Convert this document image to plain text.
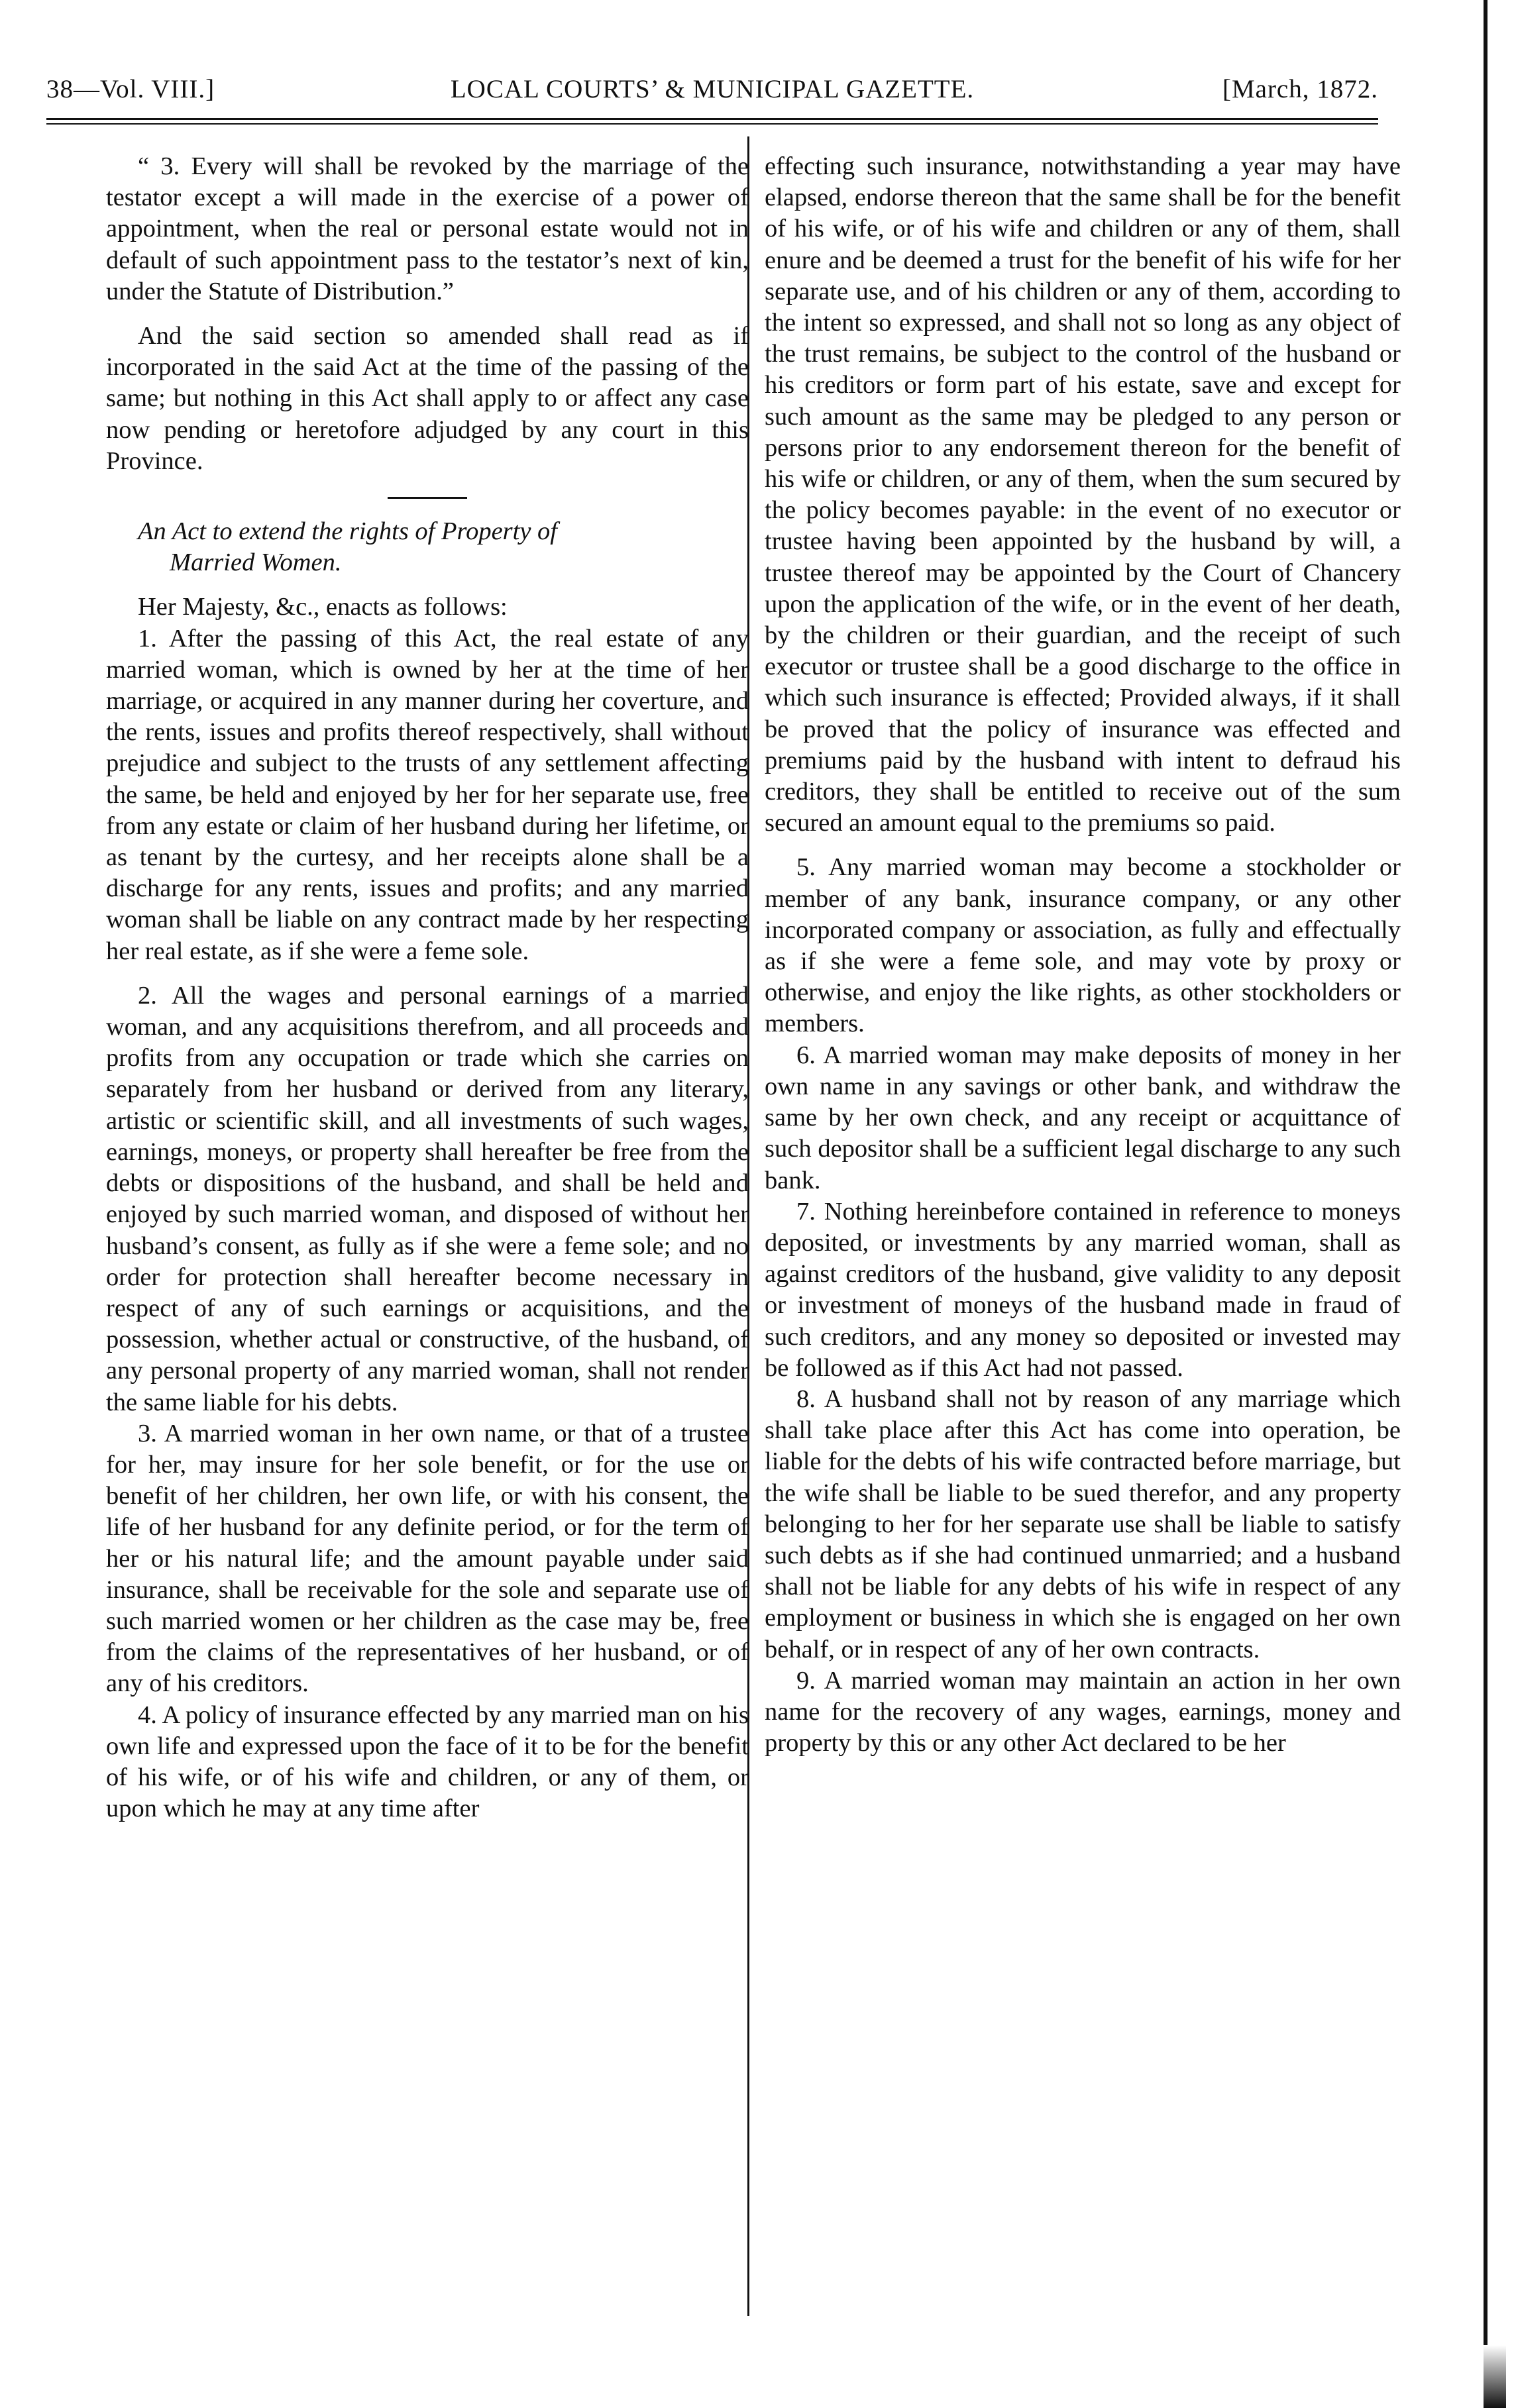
38—Vol. VIII.]	LOCAL COURTS’ & MUNICIPAL GAZETTE.	[March, 1872.

“ 3. Every will shall be revoked by the marriage of the testator except a will made in the exercise of a power of appointment, when the real or personal estate would not in default of such appointment pass to the testator’s next of kin, under the Statute of Distribution.”

And the said section so amended shall read as if incorporated in the said Act at the time of the passing of the same; but nothing in this Act shall apply to or affect any case now pending or heretofore adjudged by any court in this Province.

An Act to extend the rights of Property of
Married Women.

Her Majesty, &c., enacts as follows:

1. After the passing of this Act, the real estate of any married woman, which is owned by her at the time of her marriage, or acquired in any manner during her coverture, and the rents, issues and profits thereof respectively, shall without prejudice and subject to the trusts of any settlement affecting the same, be held and enjoyed by her for her separate use, free from any estate or claim of her husband during her lifetime, or as tenant by the curtesy, and her receipts alone shall be a discharge for any rents, issues and profits; and any married woman shall be liable on any contract made by her respecting her real estate, as if she were a feme sole.

2. All the wages and personal earnings of a married woman, and any acquisitions therefrom, and all proceeds and profits from any occupation or trade which she carries on separately from her husband or derived from any literary, artistic or scientific skill, and all investments of such wages, earnings, moneys, or property shall hereafter be free from the debts or dispositions of the husband, and shall be held and enjoyed by such married woman, and disposed of without her husband’s consent, as fully as if she were a feme sole; and no order for protection shall hereafter become necessary in respect of any of such earnings or acquisitions, and the possession, whether actual or constructive, of the husband, of any personal property of any married woman, shall not render the same liable for his debts.

3. A married woman in her own name, or that of a trustee for her, may insure for her sole benefit, or for the use or benefit of her children, her own life, or with his consent, the life of her husband for any definite period, or for the term of her or his natural life; and the amount payable under said insurance, shall be receivable for the sole and separate use of such married women or her children as the case may be, free from the claims of the representatives of her husband, or of any of his creditors.

4. A policy of insurance effected by any married man on his own life and expressed upon the face of it to be for the benefit of his wife, or of his wife and children, or any of them, or upon which he may at any time after

effecting such insurance, notwithstanding a year may have elapsed, endorse thereon that the same shall be for the benefit of his wife, or of his wife and children or any of them, shall enure and be deemed a trust for the benefit of his wife for her separate use, and of his children or any of them, according to the intent so expressed, and shall not so long as any object of the trust remains, be subject to the control of the husband or his creditors or form part of his estate, save and except for such amount as the same may be pledged to any person or persons prior to any endorsement thereon for the benefit of his wife or children, or any of them, when the sum secured by the policy becomes payable: in the event of no executor or trustee having been appointed by the husband by will, a trustee thereof may be appointed by the Court of Chancery upon the application of the wife, or in the event of her death, by the children or their guardian, and the receipt of such executor or trustee shall be a good discharge to the office in which such insurance is effected; Provided always, if it shall be proved that the policy of insurance was effected and premiums paid by the husband with intent to defraud his creditors, they shall be entitled to receive out of the sum secured an amount equal to the premiums so paid.

5. Any married woman may become a stockholder or member of any bank, insurance company, or any other incorporated company or association, as fully and effectually as if she were a feme sole, and may vote by proxy or otherwise, and enjoy the like rights, as other stockholders or members.

6. A married woman may make deposits of money in her own name in any savings or other bank, and withdraw the same by her own check, and any receipt or acquittance of such depositor shall be a sufficient legal discharge to any such bank.

7. Nothing hereinbefore contained in reference to moneys deposited, or investments by any married woman, shall as against creditors of the husband, give validity to any deposit or investment of moneys of the husband made in fraud of such creditors, and any money so deposited or invested may be followed as if this Act had not passed.

8. A husband shall not by reason of any marriage which shall take place after this Act has come into operation, be liable for the debts of his wife contracted before marriage, but the wife shall be liable to be sued therefor, and any property belonging to her for her separate use shall be liable to satisfy such debts as if she had continued unmarried; and a husband shall not be liable for any debts of his wife in respect of any employment or business in which she is engaged on her own behalf, or in respect of any of her own contracts.

9. A married woman may maintain an action in her own name for the recovery of any wages, earnings, money and property by this or any other Act declared to be her
